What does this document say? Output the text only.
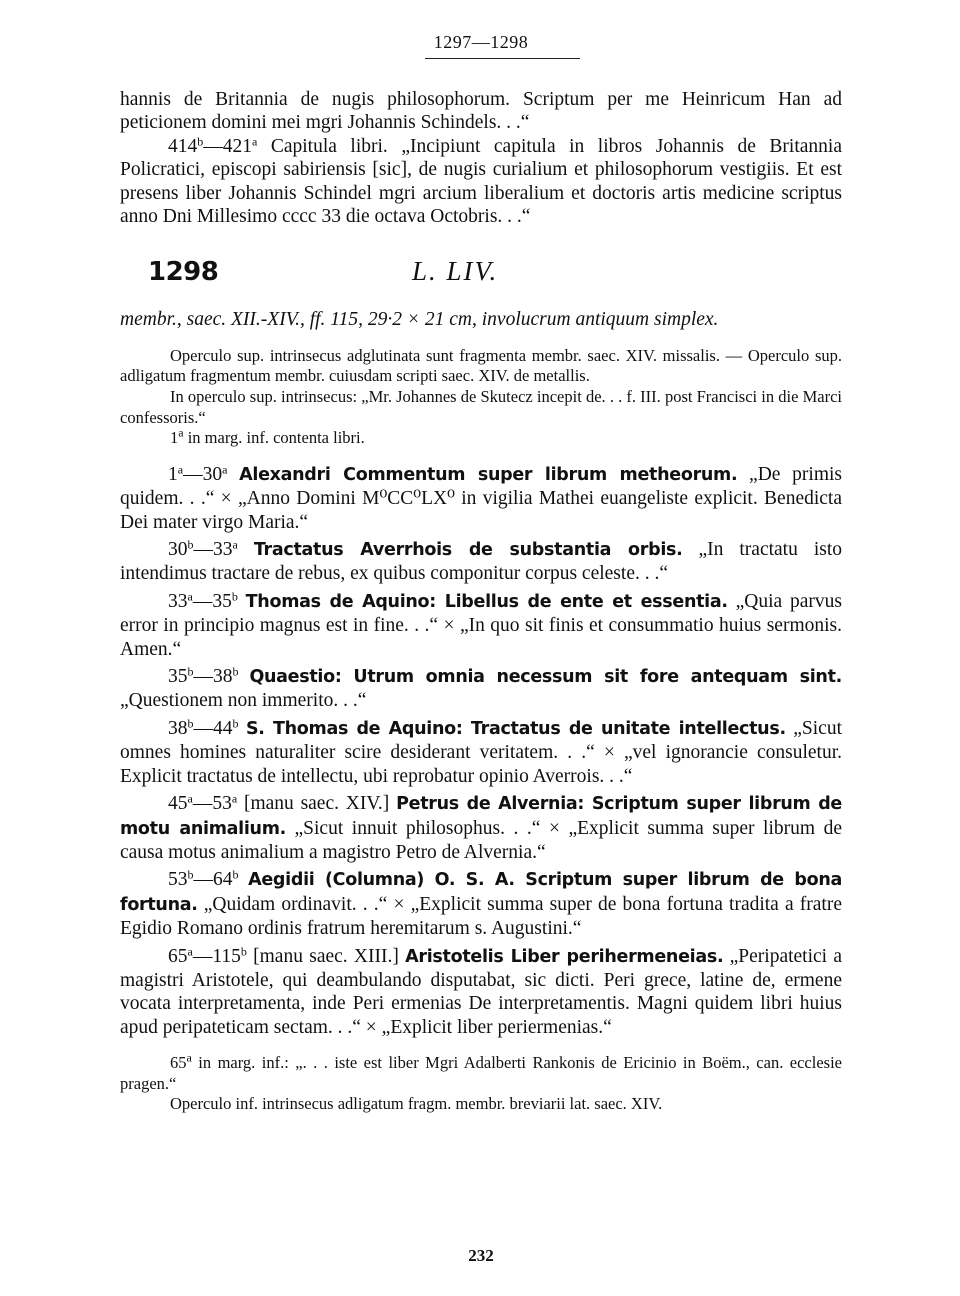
1297—1298

hannis de Britannia de nugis philosophorum. Scriptum per me Heinricum Han ad peticionem domini mei mgri Johannis Schindels. . .“

414$^b$—421$^a$ Capitula libri. „Incipiunt capitula in libros Johannis de Britannia Policratici, episcopi sabiriensis [sic], de nugis curialium et philosophorum vestigiis. Et est presens liber Johannis Schindel mgri arcium liberalium et doctoris artis medicine scriptus anno Dni Millesimo cccc 33 die octava Octobris. . .“

1298	L. LIV.

membr., saec. XII.-XIV., ff. 115, 29·2 × 21 cm, involucrum antiquum simplex.

Operculo sup. intrinsecus adglutinata sunt fragmenta membr. saec. XIV. missalis. — Operculo sup. adligatum fragmentum membr. cuiusdam scripti saec. XIV. de metallis.

In operculo sup. intrinsecus: „Mr. Johannes de Skutecz incepit de. . . f. III. post Francisci in die Marci confessoris.“

1$^a$ in marg. inf. contenta libri.

1$^a$—30$^a$ Alexandri Commentum super librum metheorum. „De primis quidem. . .“ × „Anno Domini M⁰CC⁰LX⁰ in vigilia Mathei euangeliste explicit. Benedicta Dei mater virgo Maria.“

30$^b$—33$^a$ Tractatus Averrhois de substantia orbis. „In tractatu isto intendimus tractare de rebus, ex quibus componitur corpus celeste. . .“

33$^a$—35$^b$ Thomas de Aquino: Libellus de ente et essentia. „Quia parvus error in principio magnus est in fine. . .“ × „In quo sit finis et consummatio huius sermonis. Amen.“

35$^b$—38$^b$ Quaestio: Utrum omnia necessum sit fore antequam sint. „Questionem non immerito. . .“

38$^b$—44$^b$ S. Thomas de Aquino: Tractatus de unitate intellectus. „Sicut omnes homines naturaliter scire desiderant veritatem. . .“ × „vel ignorancie consuletur. Explicit tractatus de intellectu, ubi reprobatur opinio Averrois. . .“

45$^a$—53$^a$ [manu saec. XIV.] Petrus de Alvernia: Scriptum super librum de motu animalium. „Sicut innuit philosophus. . .“ × „Explicit summa super librum de causa motus animalium a magistro Petro de Alvernia.“

53$^b$—64$^b$ Aegidii (Columna) O. S. A. Scriptum super librum de bona fortuna. „Quidam ordinavit. . .“ × „Explicit summa super de bona fortuna tradita a fratre Egidio Romano ordinis fratrum heremitarum s. Augustini.“

65$^a$—115$^b$ [manu saec. XIII.] Aristotelis Liber perihermeneias. „Peripatetici a magistri Aristotele, qui deambulando disputabat, sic dicti. Peri grece, latine de, ermene vocata interpretamenta, inde Peri ermenias De interpretamentis. Magni quidem libri huius apud peripateticam sectam. . .“ × „Explicit liber periermenias.“

65$^a$ in marg. inf.: „. . . iste est liber Mgri Adalberti Rankonis de Ericinio in Boëm., can. ecclesie pragen.“

Operculo inf. intrinsecus adligatum fragm. membr. breviarii lat. saec. XIV.

232
